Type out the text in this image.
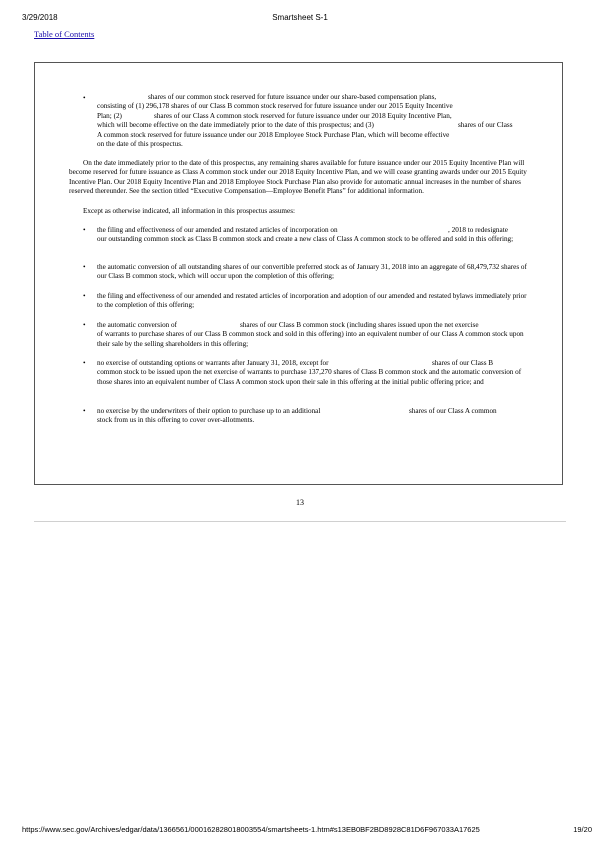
3/29/2018	Smartsheet S-1
Table of Contents
•	shares of our common stock reserved for future issuance under our share-based compensation plans,
consisting of (1) 296,178 shares of our Class B common stock reserved for future issuance under our 2015 Equity Incentive
Plan; (2)	shares of our Class A common stock reserved for future issuance under our 2018 Equity Incentive Plan,
which will become effective on the date immediately prior to the date of this prospectus; and (3)	shares of our Class
A common stock reserved for future issuance under our 2018 Employee Stock Purchase Plan, which will become effective
on the date of this prospectus.
On the date immediately prior to the date of this prospectus, any remaining shares available for future issuance under our 2015 Equity Incentive Plan will become reserved for future issuance as Class A common stock under our 2018 Equity Incentive Plan, and we will cease granting awards under our 2015 Equity Incentive Plan. Our 2018 Equity Incentive Plan and 2018 Employee Stock Purchase Plan also provide for automatic annual increases in the number of shares reserved thereunder. See the section titled “Executive Compensation—Employee Benefit Plans” for additional information.
Except as otherwise indicated, all information in this prospectus assumes:
• the filing and effectiveness of our amended and restated articles of incorporation on	, 2018 to redesignate
our outstanding common stock as Class B common stock and create a new class of Class A common stock to be offered and sold in this offering;
• the automatic conversion of all outstanding shares of our convertible preferred stock as of January 31, 2018 into an aggregate of 68,479,732 shares of our Class B common stock, which will occur upon the completion of this offering;
• the filing and effectiveness of our amended and restated articles of incorporation and adoption of our amended and restated bylaws immediately prior to the completion of this offering;
• the automatic conversion of	shares of our Class B common stock (including shares issued upon the net exercise
of warrants to purchase shares of our Class B common stock and sold in this offering) into an equivalent number of our Class A common stock upon their sale by the selling shareholders in this offering;
• no exercise of outstanding options or warrants after January 31, 2018, except for	shares of our Class B
common stock to be issued upon the net exercise of warrants to purchase 137,270 shares of Class B common stock and the automatic conversion of those shares into an equivalent number of Class A common stock upon their sale in this offering at the initial public offering price; and
• no exercise by the underwriters of their option to purchase up to an additional	shares of our Class A common
stock from us in this offering to cover over-allotments.
13
https://www.sec.gov/Archives/edgar/data/1366561/000162828018003554/smartsheets-1.htm#s13EB0BF2BD8928C81D6F967033A17625	19/20
